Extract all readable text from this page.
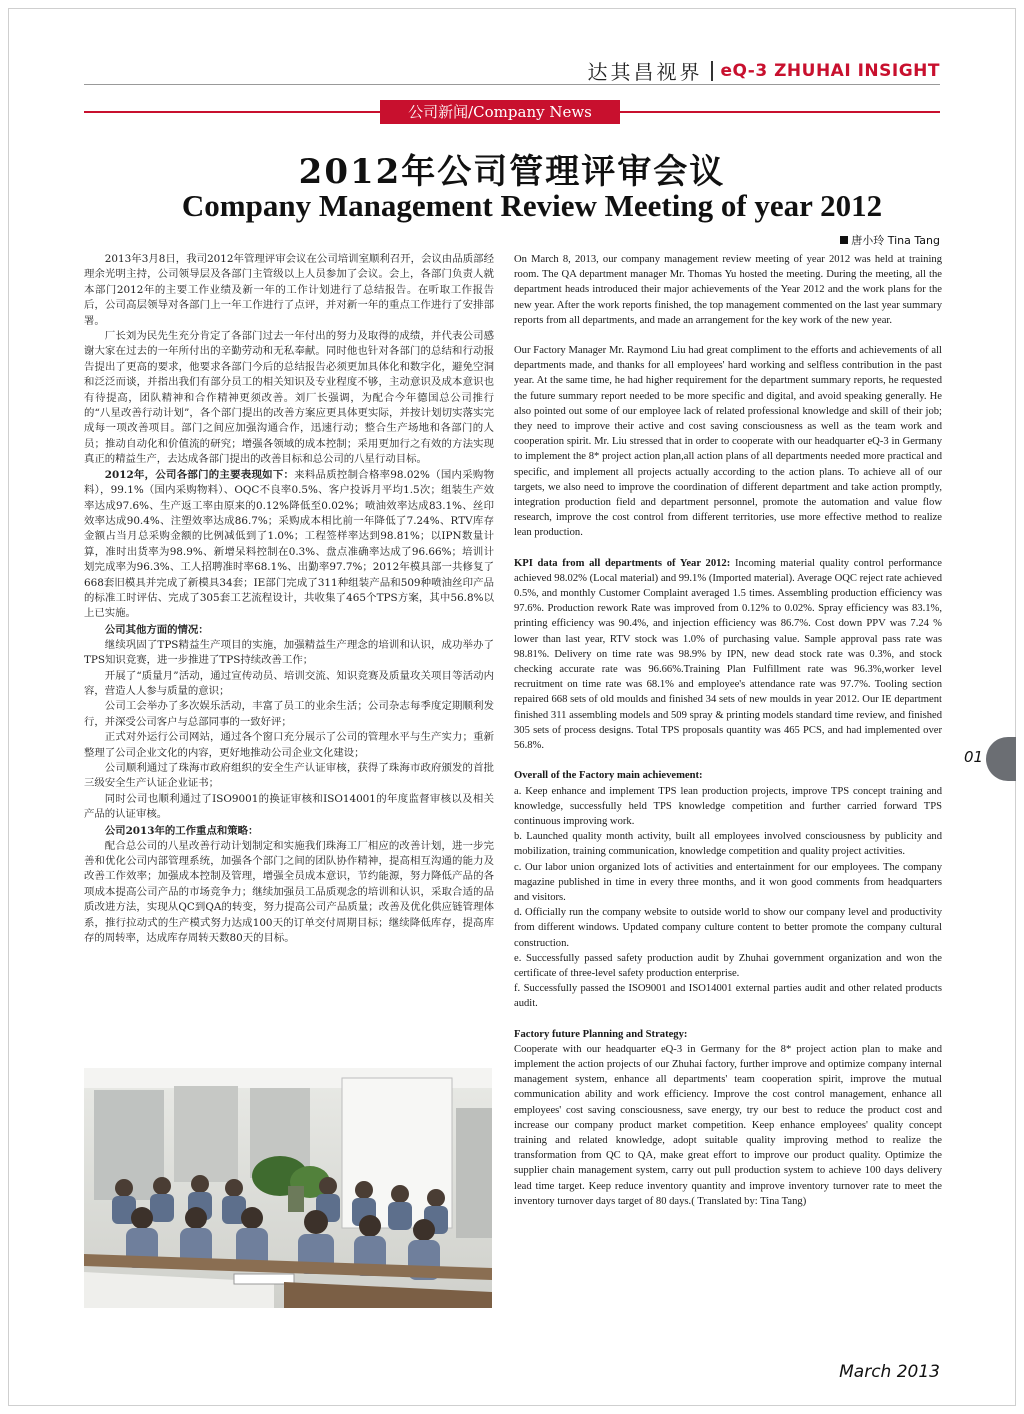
达其昌视界 eQ-3 ZHUHAI INSIGHT
公司新闻/Company News
2012年公司管理评审会议
Company Management Review Meeting of year 2012
唐小玲 Tina Tang

2013年3月8日，我司2012年管理评审会议在公司培训室顺利召开，会议由品质部经理余光明主持，公司领导层及各部门主管级以上人员参加了会议。会上，各部门负责人就本部门2012年的主要工作业绩及新一年的工作计划进行了总结报告。在听取工作报告后，公司高层领导对各部门上一年工作进行了点评，并对新一年的重点工作进行了安排部署。

厂长刘为民先生充分肯定了各部门过去一年付出的努力及取得的成绩，并代表公司感谢大家在过去的一年所付出的辛勤劳动和无私奉献。同时他也针对各部门的总结和行动报告提出了更高的要求，他要求各部门今后的总结报告必须更加具体化和数字化，避免空洞和泛泛而谈，并指出我们有部分员工的相关知识及专业程度不够，主动意识及成本意识也有待提高，团队精神和合作精神更须改善。刘厂长强调，为配合今年德国总公司推行的“八星改善行动计划”，各个部门提出的改善方案应更具体更实际，并按计划切实落实完成每一项改善项目。部门之间应加强沟通合作，迅速行动；整合生产场地和各部门的人员；推动自动化和价值流的研究；增强各领域的成本控制；采用更加行之有效的方法实现真正的精益生产，去达成各部门提出的改善目标和总公司的八星行动目标。

2012年，公司各部门的主要表现如下：来料品质控制合格率98.02%（国内采购物料），99.1%（国内采购物料）、OQC不良率0.5%、客户投诉月平均1.5次；组装生产效率达成97.6%、生产返工率由原来的0.12%降低至0.02%；喷油效率达成83.1%、丝印效率达成90.4%、注塑效率达成86.7%；采购成本相比前一年降低了7.24%、RTV库存金额占当月总采购金额的比例减低到了1.0%；工程签样率达到98.81%；以IPN数量计算，准时出货率为98.9%、新增呆料控制在0.3%、盘点准确率达成了96.66%；培训计划完成率为96.3%、工人招聘准时率68.1%、出勤率97.7%；2012年模具部一共修复了668套旧模具并完成了新模具34套；IE部门完成了311种组装产品和509种喷油丝印产品的标准工时评估、完成了305套工艺流程设计，共收集了465个TPS方案，其中56.8%以上已实施。

公司其他方面的情况：

继续巩固了TPS精益生产项目的实施，加强精益生产理念的培训和认识，成功举办了TPS知识竞赛，进一步推进了TPS持续改善工作；

开展了“质量月”活动，通过宣传动员、培训交流、知识竞赛及质量攻关项目等活动内容，营造人人参与质量的意识；

公司工会举办了多次娱乐活动，丰富了员工的业余生活；公司杂志每季度定期顺利发行，并深受公司客户与总部同事的一致好评；

正式对外运行公司网站，通过各个窗口充分展示了公司的管理水平与生产实力；重新整理了公司企业文化的内容，更好地推动公司企业文化建设；

公司顺利通过了珠海市政府组织的安全生产认证审核，获得了珠海市政府颁发的首批三级安全生产认证企业证书；

同时公司也顺利通过了ISO9001的换证审核和ISO14001的年度监督审核以及相关产品的认证审核。

公司2013年的工作重点和策略：

配合总公司的八星改善行动计划制定和实施我们珠海工厂相应的改善计划，进一步完善和优化公司内部管理系统，加强各个部门之间的团队协作精神，提高相互沟通的能力及改善工作效率；加强成本控制及管理，增强全员成本意识，节约能源，努力降低产品的各项成本提高公司产品的市场竞争力；继续加强员工品质观念的培训和认识，采取合适的品质改进方法，实现从QC到QA的转变，努力提高公司产品质量；改善及优化供应链管理体系，推行拉动式的生产模式努力达成100天的订单交付周期目标；继续降低库存，提高库存的周转率，达成库存周转天数80天的目标。

On March 8, 2013, our company management review meeting of year 2012 was held at training room. The QA department manager Mr. Thomas Yu hosted the meeting. During the meeting, all the department heads introduced their major achievements of the Year 2012 and the work plans for the new year. After the work reports finished, the top management commented on the last year summary reports from all departments, and made an arrangement for the key work of the new year.

Our Factory Manager Mr. Raymond Liu had great compliment to the efforts and achievements of all departments made, and thanks for all employees' hard working and selfless contribution in the past year. At the same time, he had higher requirement for the department summary reports, he requested the future summary report needed to be more specific and digital, and avoid speaking generally. He also pointed out some of our employee lack of related professional knowledge and skill of their job; they need to improve their active and cost saving consciousness as well as the team work and cooperation spirit. Mr. Liu stressed that in order to cooperate with our headquarter eQ-3 in Germany to implement the 8* project action plan,all action plans of all departments needed more practical and specific, and implement all projects actually according to the action plans. To achieve all of our targets, we also need to improve the coordination of different department and take action promptly, integration production field and department personnel, promote the automation and value flow research, improve the cost control from different territories, use more effective method to realize lean production.

KPI data from all departments of Year 2012: Incoming material quality control performance achieved 98.02% (Local material) and 99.1% (Imported material). Average OQC reject rate achieved 0.5%, and monthly Customer Complaint averaged 1.5 times. Assembling production efficiency was 97.6%. Production rework Rate was improved from 0.12% to 0.02%. Spray efficiency was 83.1%, printing efficiency was 90.4%, and injection efficiency was 86.7%. Cost down PPV was 7.24 % lower than last year, RTV stock was 1.0% of purchasing value. Sample approval pass rate was 98.81%. Delivery on time rate was 98.9% by IPN, new dead stock rate was 0.3%, and stock checking accurate rate was 96.66%.Training Plan Fulfillment rate was 96.3%,worker level recruitment on time rate was 68.1% and employee's attendance rate was 97.7%. Tooling section repaired 668 sets of old moulds and finished 34 sets of new moulds in year 2012. Our IE department finished 311 assembling models and 509 spray & printing models standard time review, and finished 305 sets of process designs. Total TPS proposals quantity was 465 PCS, and had implemented over 56.8%.

Overall of the Factory main achievement:

a. Keep enhance and implement TPS lean production projects, improve TPS concept training and knowledge, successfully held TPS knowledge competition and further carried forward TPS continuous improving work.

b. Launched quality month activity, built all employees involved consciousness by publicity and mobilization, training communication, knowledge competition and quality project activities.

c. Our labor union organized lots of activities and entertainment for our employees. The company magazine published in time in every three months, and it won good comments from headquarters and visitors.

d. Officially run the company website to outside world to show our company level and productivity from different windows. Updated company culture content to better promote the company cultural construction.

e. Successfully passed safety production audit by Zhuhai government organization and won the certificate of three-level safety production enterprise.

f. Successfully passed the ISO9001 and ISO14001 external parties audit and other related products audit.

Factory future Planning and Strategy:

Cooperate with our headquarter eQ-3 in Germany for the 8* project action plan to make and implement the action projects of our Zhuhai factory, further improve and optimize company internal management system, enhance all departments' team cooperation spirit, improve the mutual communication ability and work efficiency. Improve the cost control management, enhance all employees' cost saving consciousness, save energy, try our best to reduce the product cost and increase our company product market competition. Keep enhance employees' quality concept training and related knowledge, adopt suitable quality improving method to realize the transformation from QC to QA, make great effort to improve our product quality. Optimize the supplier chain management system, carry out pull production system to achieve 100 days delivery lead time target. Keep reduce inventory quantity and improve inventory turnover rate to meet the inventory turnover days target of 80 days.( Translated by: Tina Tang)

01
March 2013
